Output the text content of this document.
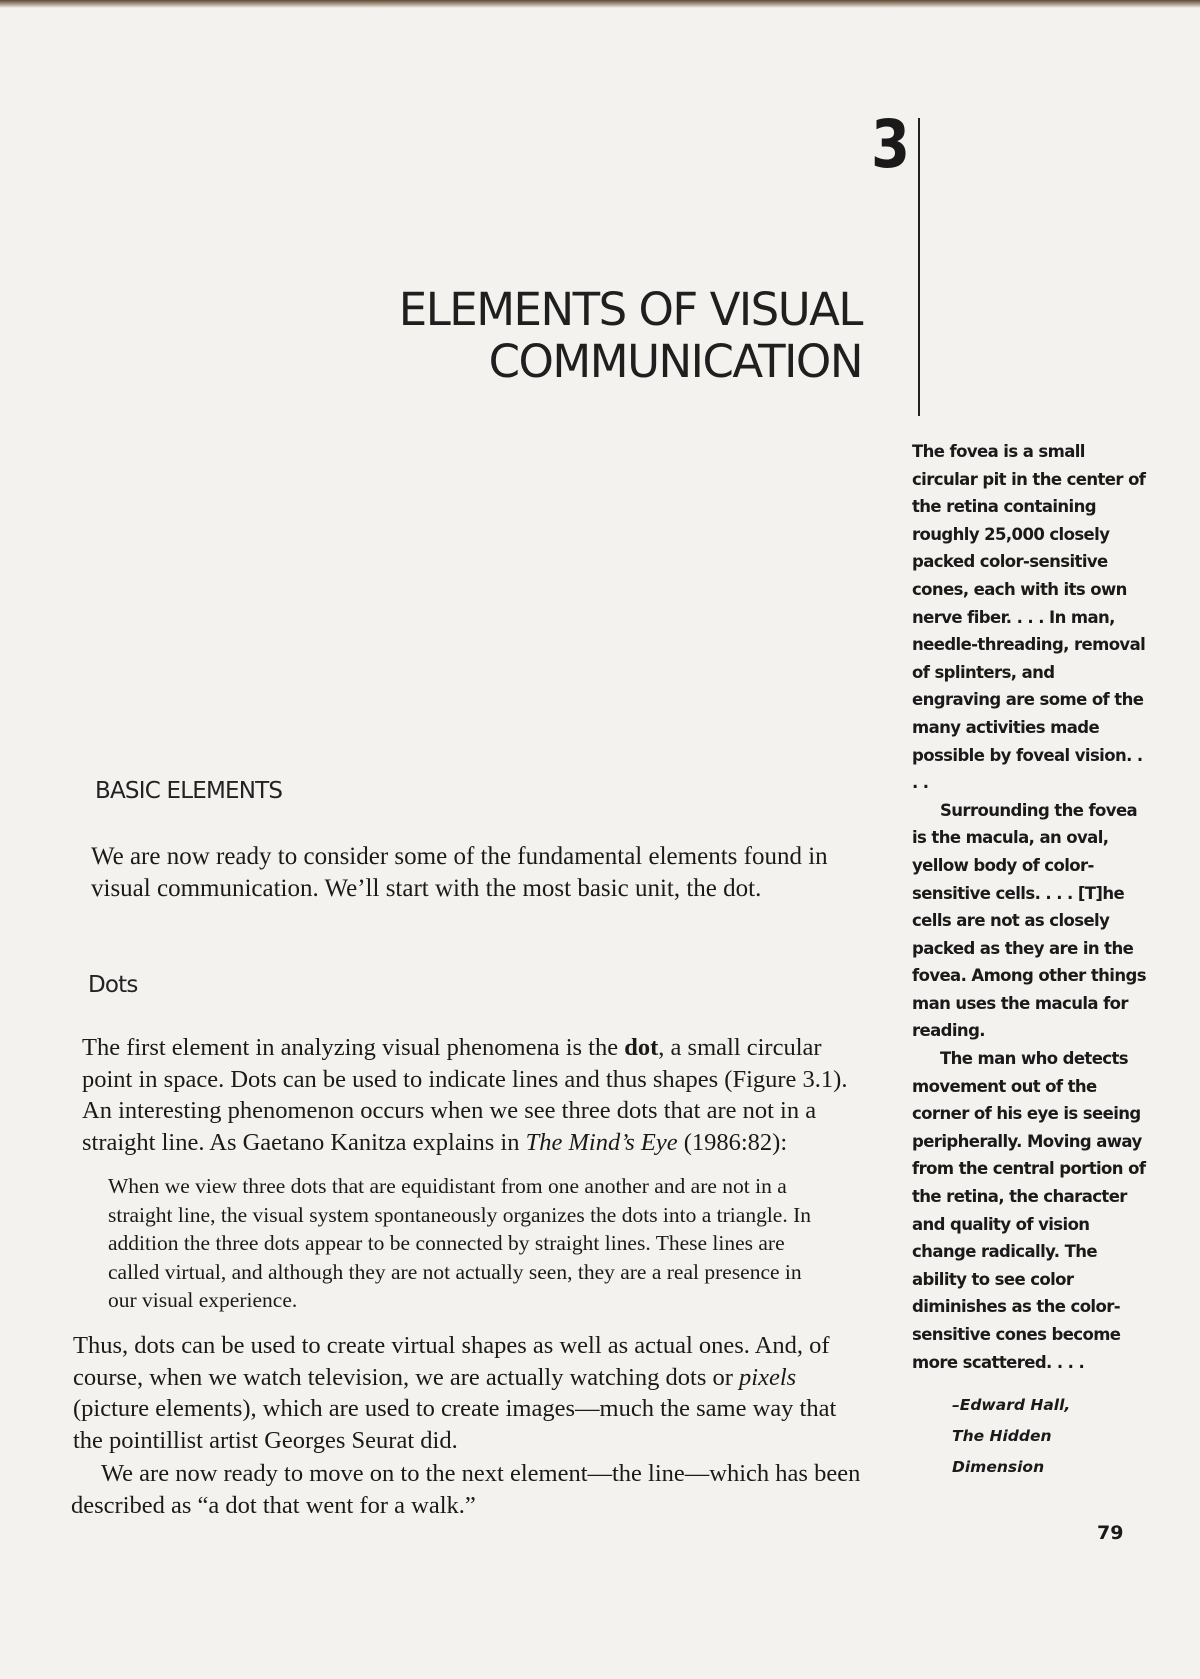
3
ELEMENTS OF VISUAL
COMMUNICATION
BASIC ELEMENTS

We are now ready to consider some of the fundamental elements found in visual communication. We’ll start with the most basic unit, the dot.

Dots

The first element in analyzing visual phenomena is the dot, a small circular point in space. Dots can be used to indicate lines and thus shapes (Figure 3.1). An interesting phenomenon occurs when we see three dots that are not in a straight line. As Gaetano Kanitza explains in The Mind’s Eye (1986:82):

When we view three dots that are equidistant from one another and are not in a straight line, the visual system spontaneously organizes the dots into a triangle. In addition the three dots appear to be connected by straight lines. These lines are called virtual, and although they are not actually seen, they are a real presence in our visual experience.

Thus, dots can be used to create virtual shapes as well as actual ones. And, of course, when we watch television, we are actually watching dots or pixels (picture elements), which are used to create images—much the same way that the pointillist artist Georges Seurat did.

We are now ready to move on to the next element—the line—which has been described as “a dot that went for a walk.”

The fovea is a small circular pit in the center of the retina containing roughly 25,000 closely packed color-sensitive cones, each with its own nerve fiber. . . . In man, needle-threading, removal of splinters, and engraving are some of the many activities made possible by foveal vision. . . .

Surrounding the fovea is the macula, an oval, yellow body of color-sensitive cells. . . . [T]he cells are not as closely packed as they are in the fovea. Among other things man uses the macula for reading.

The man who detects movement out of the corner of his eye is seeing peripherally. Moving away from the central portion of the retina, the character and quality of vision change radically. The ability to see color diminishes as the color-sensitive cones become more scattered. . . .

–Edward Hall,
The Hidden
Dimension
79
